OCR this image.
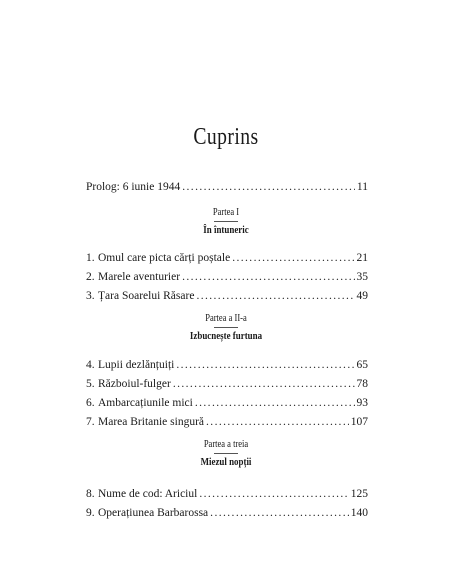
Cuprins
Prolog: 6 iunie 1944 .....	11
Partea I
În întuneric
1. Omul care picta cărți poștale .....	21
2. Marele aventurier .....	35
3. Țara Soarelui Răsare .....	49
Partea a II-a
Izbucnește furtuna
4. Lupii dezlănțuiți .....	65
5. Războiul-fulger .....	78
6. Ambarcațiunile mici .....	93
7. Marea Britanie singură .....	107
Partea a treia
Miezul nopții
8. Nume de cod: Ariciul .....	125
9. Operațiunea Barbarossa .....	140
